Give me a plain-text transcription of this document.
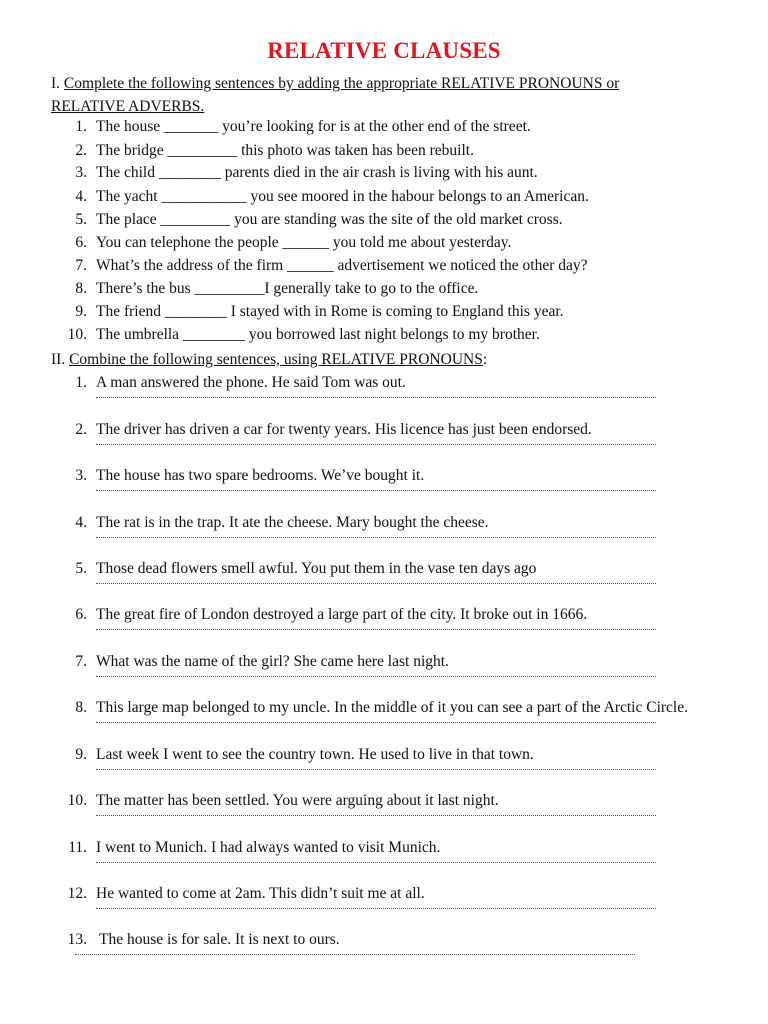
RELATIVE CLAUSES
I. Complete the following sentences by adding the appropriate RELATIVE PRONOUNS or
RELATIVE ADVERBS.
1. The house _______ you’re looking for is at the other end of the street.
2. The bridge _________ this photo was taken has been rebuilt.
3. The child ________ parents died in the air crash is living with his aunt.
4. The yacht ___________ you see moored in the habour belongs to an American.
5. The place _________ you are standing was the site of the old market cross.
6. You can telephone the people ______ you told me about yesterday.
7. What’s the address of the firm ______ advertisement we noticed the other day?
8. There’s the bus _________I generally take to go to the office.
9. The friend ________ I stayed with in Rome is coming to England this year.
10. The umbrella ________ you borrowed last night belongs to my brother.
II. Combine the following sentences, using RELATIVE PRONOUNS:
1. A man answered the phone. He said Tom was out.
2. The driver has driven a car for twenty years. His licence has just been endorsed.
3. The house has two spare bedrooms. We’ve bought it.
4. The rat is in the trap. It ate the cheese. Mary bought the cheese.
5. Those dead flowers smell awful. You put them in the vase ten days ago
6. The great fire of London destroyed a large part of the city. It broke out in 1666.
7. What was the name of the girl? She came here last night.
8. This large map belonged to my uncle. In the middle of it you can see a part of the Arctic Circle.
9. Last week I went to see the country town. He used to live in that town.
10. The matter has been settled. You were arguing about it last night.
11. I went to Munich. I had always wanted to visit Munich.
12. He wanted to come at 2am. This didn’t suit me at all.
13. The house is for sale. It is next to ours.
